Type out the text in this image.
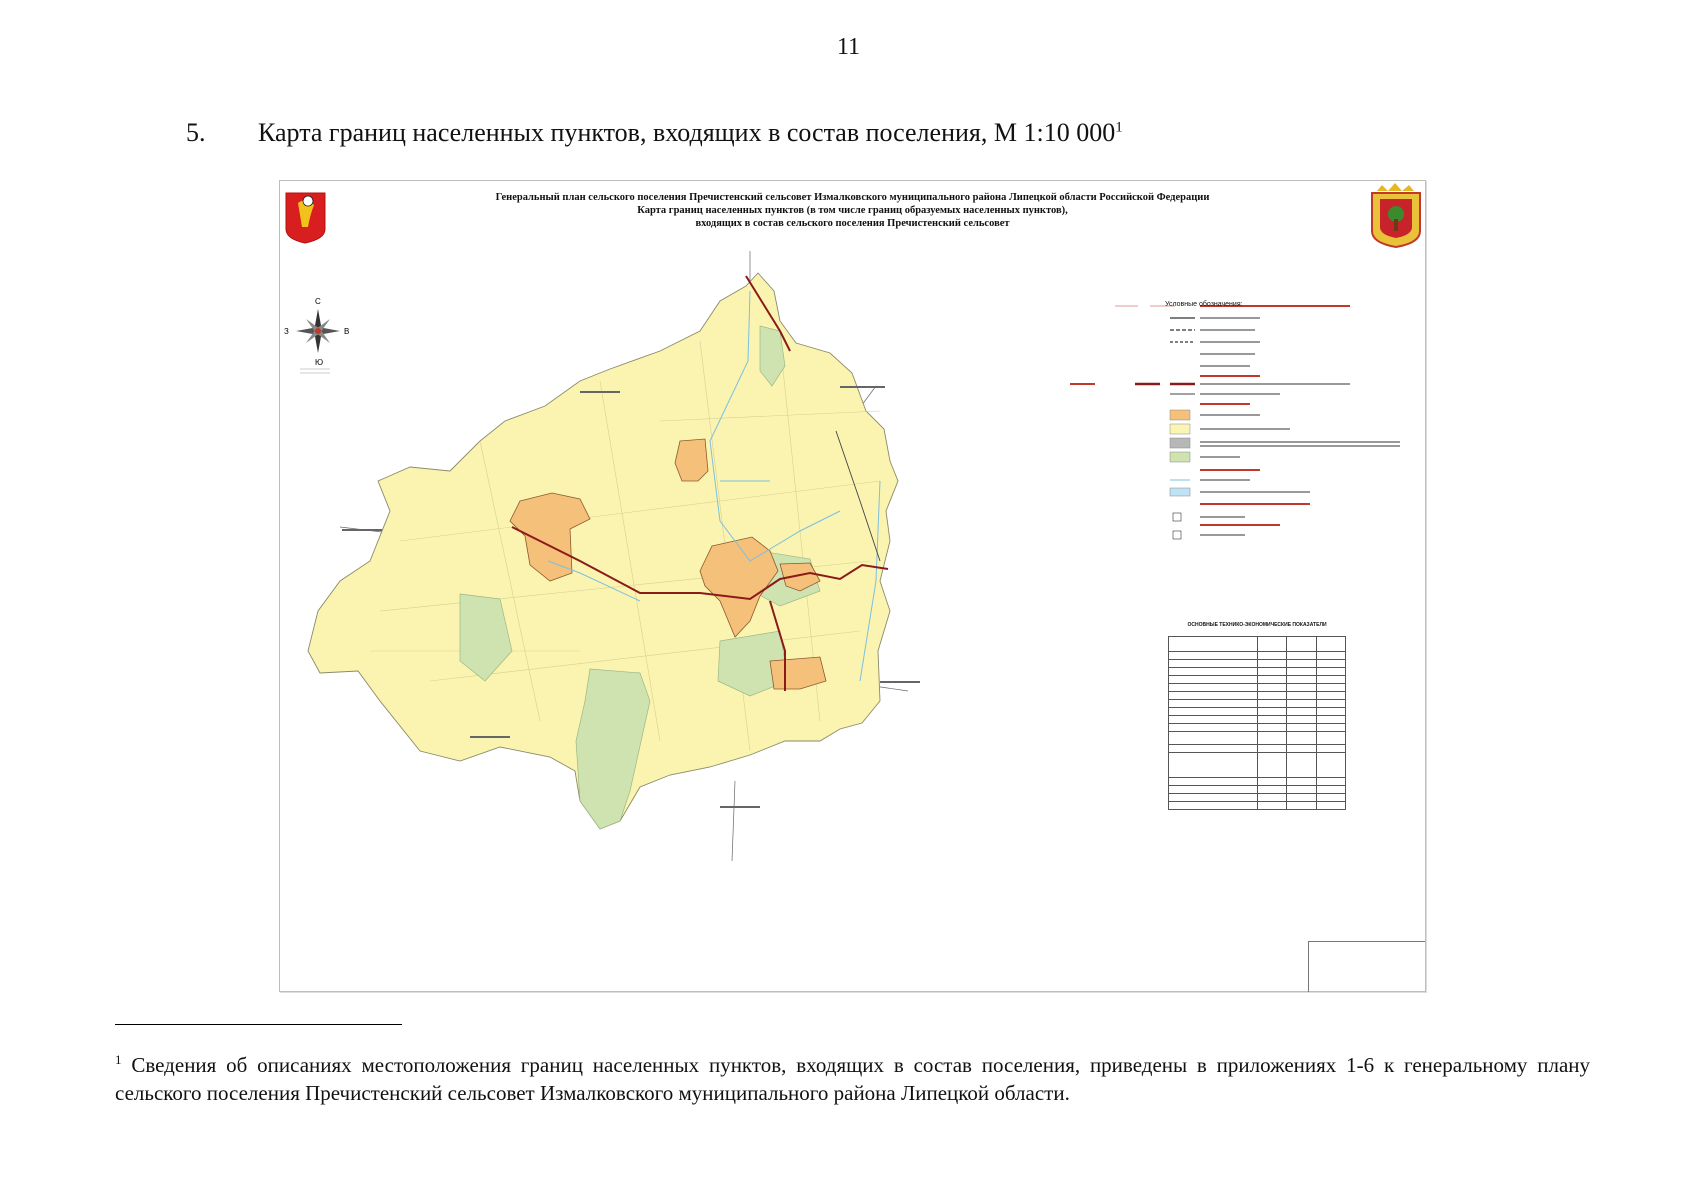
11
5. Карта границ населенных пунктов, входящих в состав поселения, М 1:10 $000^1$
Генеральный план сельского поселения Пречистенский сельсовет Измалковского муниципального района Липецкой области Российской Федерации
Карта границ населенных пунктов (в том числе границ образуемых населенных пунктов),
входящих в состав сельского поселения Пречистенский сельсовет
С
Ю
З	В
Условные обозначения:
ОСНОВНЫЕ ТЕХНИКО-ЭКОНОМИЧЕСКИЕ ПОКАЗАТЕЛИ

$^1$ Сведения об описаниях местоположения границ населенных пунктов, входящих в состав поселения, приведены в приложениях 1-6 к генеральному плану сельского поселения Пречистенский сельсовет Измалковского муниципального района Липецкой области.
